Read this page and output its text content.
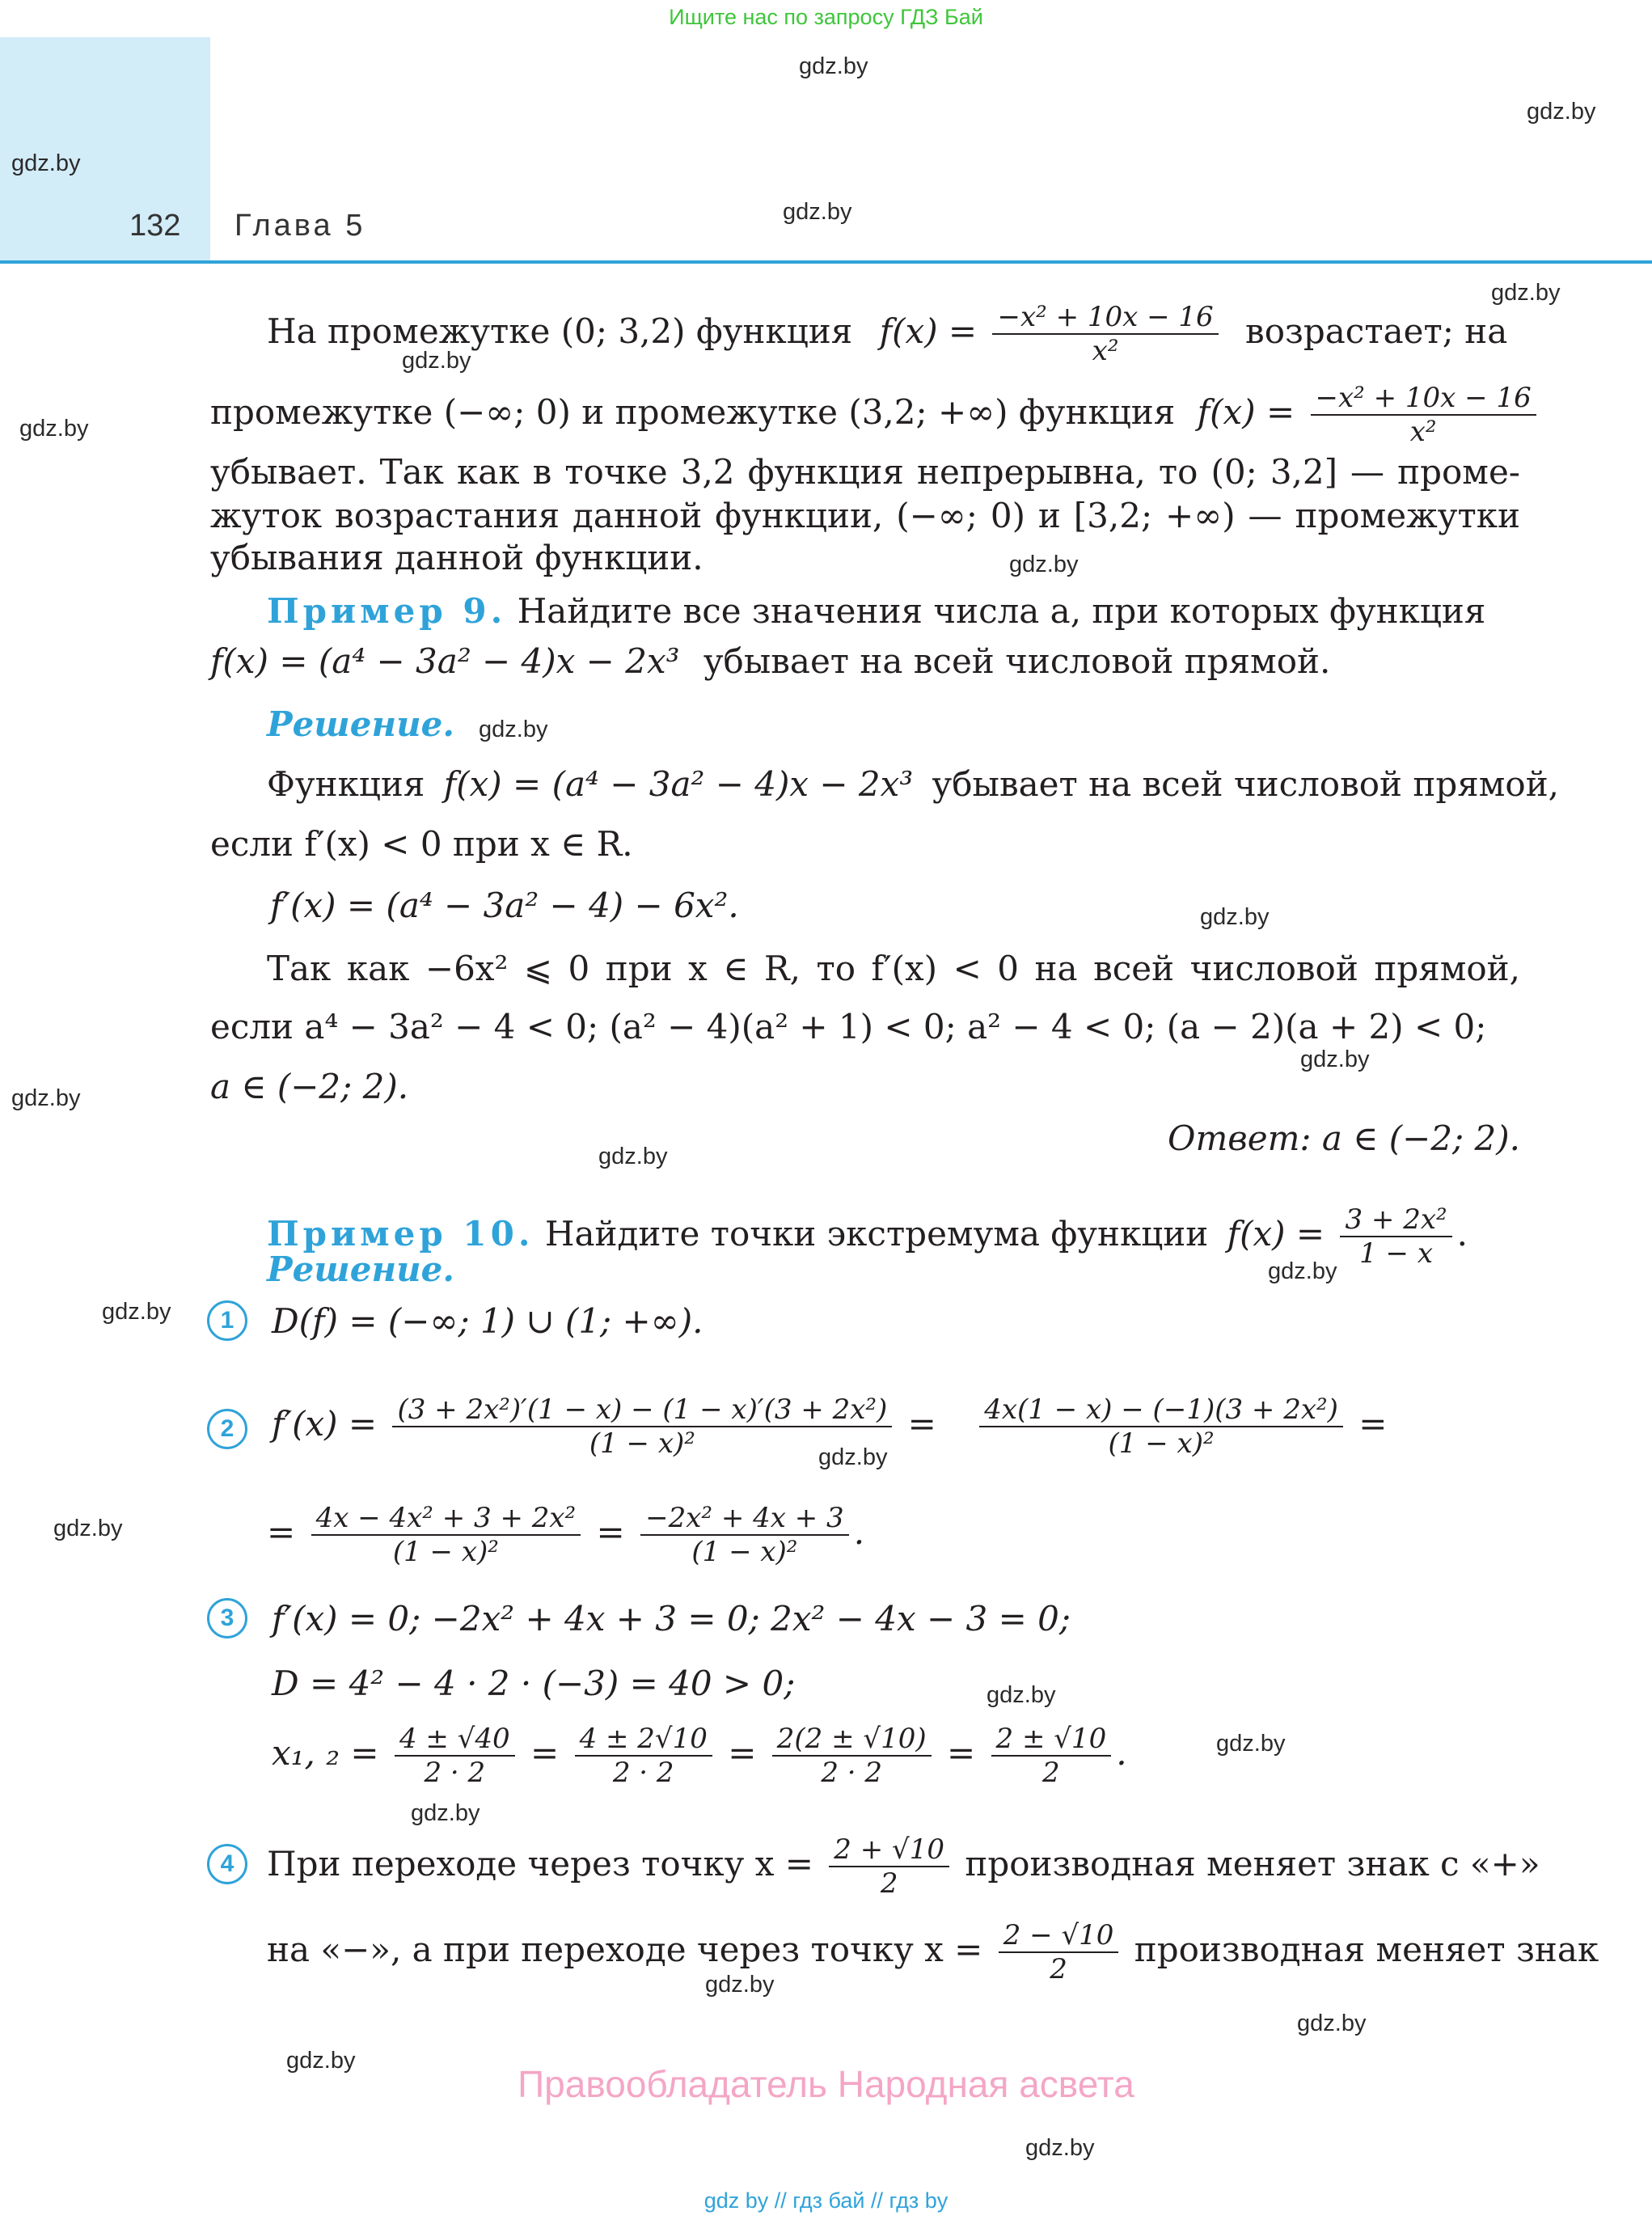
Ищите нас по запросу ГДЗ Бай
132 Глава 5
gdz.by
gdz.by
gdz.by
gdz.by
gdz.by
gdz.by
gdz.by
gdz.by
gdz.by
gdz.by
gdz.by
gdz.by
gdz.by
gdz.by
gdz.by
gdz.by
gdz.by
gdz.by
gdz.by
gdz.by
gdz.by
gdz.by
gdz.by
gdz.by
На промежутке (0; 3,2) функция $f(x) = \frac{\text{−x² + 10x − 16}}{\text{x²}}$ возрастает; на
промежутке (−∞; 0) и промежутке (3,2; +∞) функция $f(x) = \frac{\text{−x² + 10x − 16}}{\text{x²}}$
убывает. Так как в точке 3,2 функция непрерывна, то (0; 3,2] — проме-
жуток возрастания данной функции, (−∞; 0) и [3,2; +∞) — промежутки
убывания данной функции.
Пример 9. Найдите все значения числа a, при которых функция
f(x) = (a⁴ − 3a² − 4)x − 2x³ убывает на всей числовой прямой.
Решение.
Функция f(x) = (a⁴ − 3a² − 4)x − 2x³ убывает на всей числовой прямой,
если f′(x) < 0 при x ∈ R.
f′(x) = (a⁴ − 3a² − 4) − 6x².
Так как −6x² ⩽ 0 при x ∈ R, то f′(x) < 0 на всей числовой прямой,
если a⁴ − 3a² − 4 < 0; (a² − 4)(a² + 1) < 0; a² − 4 < 0; (a − 2)(a + 2) < 0;
a ∈ (−2; 2).
Ответ: a ∈ (−2; 2).
Пример 10. Найдите точки экстремума функции $f(x) = \frac{\text{3 + 2x²}}{1 - x}$ .
Решение.
1	D(f) = (−∞; 1) ∪ (1; +∞).
2	$f'(x) = \frac{\text{(3 + 2x²)′(1 − x) − (1 − x)′(3 + 2x²)}}{\text{(1 − x)²}} = \frac{\text{4x(1 − x) − (−1)(3 + 2x²)}}{\text{(1 − x)²}}$ =
= $\frac{\text{4x − 4x² + 3 + 2x²}}{\text{(1 − x)²}} = \frac{\text{−2x² + 4x + 3}}{\text{(1 − x)²}}$ .
3	f′(x) = 0; −2x² + 4x + 3 = 0; 2x² − 4x − 3 = 0;
D = 4² − 4 · 2 · (−3) = 40 > 0;
x₁, $_2 = \frac{4 \pm √40}{2 \cdot 2} = \frac{4 \pm 2√10}{2 \cdot 2} = \frac{2(2 \pm √10)}{2 \cdot 2} = \frac{2 \pm √10}{2}$ .
4 При переходе через точку $x = \frac{2 + √10}{2}$ производная меняет знак с «+»
на «−», а при переходе через точку $x = \frac{2 - √10}{2}$ производная меняет знак
Правообладатель Народная асвета
gdz by // гдз бай // гдз by
